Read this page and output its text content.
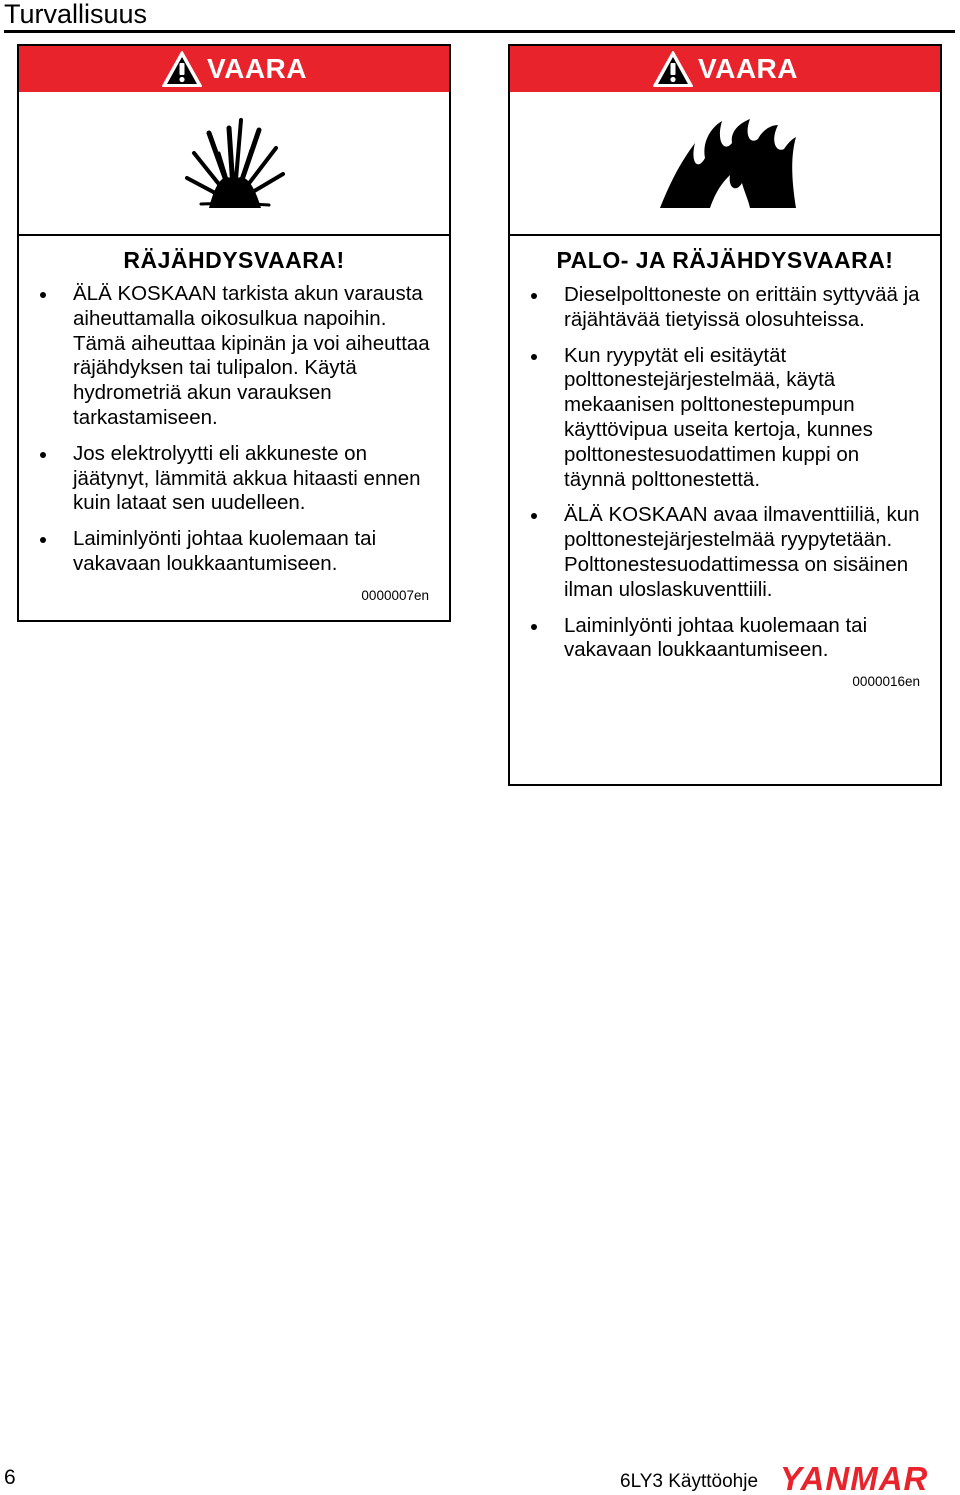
Turvallisuus
VAARA
RÄJÄHDYSVAARA!
ÄLÄ KOSKAAN tarkista akun varausta aiheuttamalla oikosulkua napoihin. Tämä aiheuttaa kipinän ja voi aiheuttaa räjähdyksen tai tulipalon. Käytä hydrometriä akun varauksen tarkastamiseen.
Jos elektrolyytti eli akkuneste on jäätynyt, lämmitä akkua hitaasti ennen kuin lataat sen uudelleen.
Laiminlyönti johtaa kuolemaan tai vakavaan loukkaantumiseen.
0000007en
VAARA
PALO- JA RÄJÄHDYSVAARA!
Dieselpolttoneste on erittäin syttyvää ja räjähtävää tietyissä olosuhteissa.
Kun ryypytät eli esitäytät polttonestejärjestelmää, käytä mekaanisen polttonestepumpun käyttövipua useita kertoja, kunnes polttonestesuodattimen kuppi on täynnä polttonestettä.
ÄLÄ KOSKAAN avaa ilmaventtiiliä, kun polttonestejärjestelmää ryypytetään. Polttonestesuodattimessa on sisäinen ilman uloslaskuventtiili.
Laiminlyönti johtaa kuolemaan tai vakavaan loukkaantumiseen.
0000016en
6	6LY3 Käyttöohje YANMAR
